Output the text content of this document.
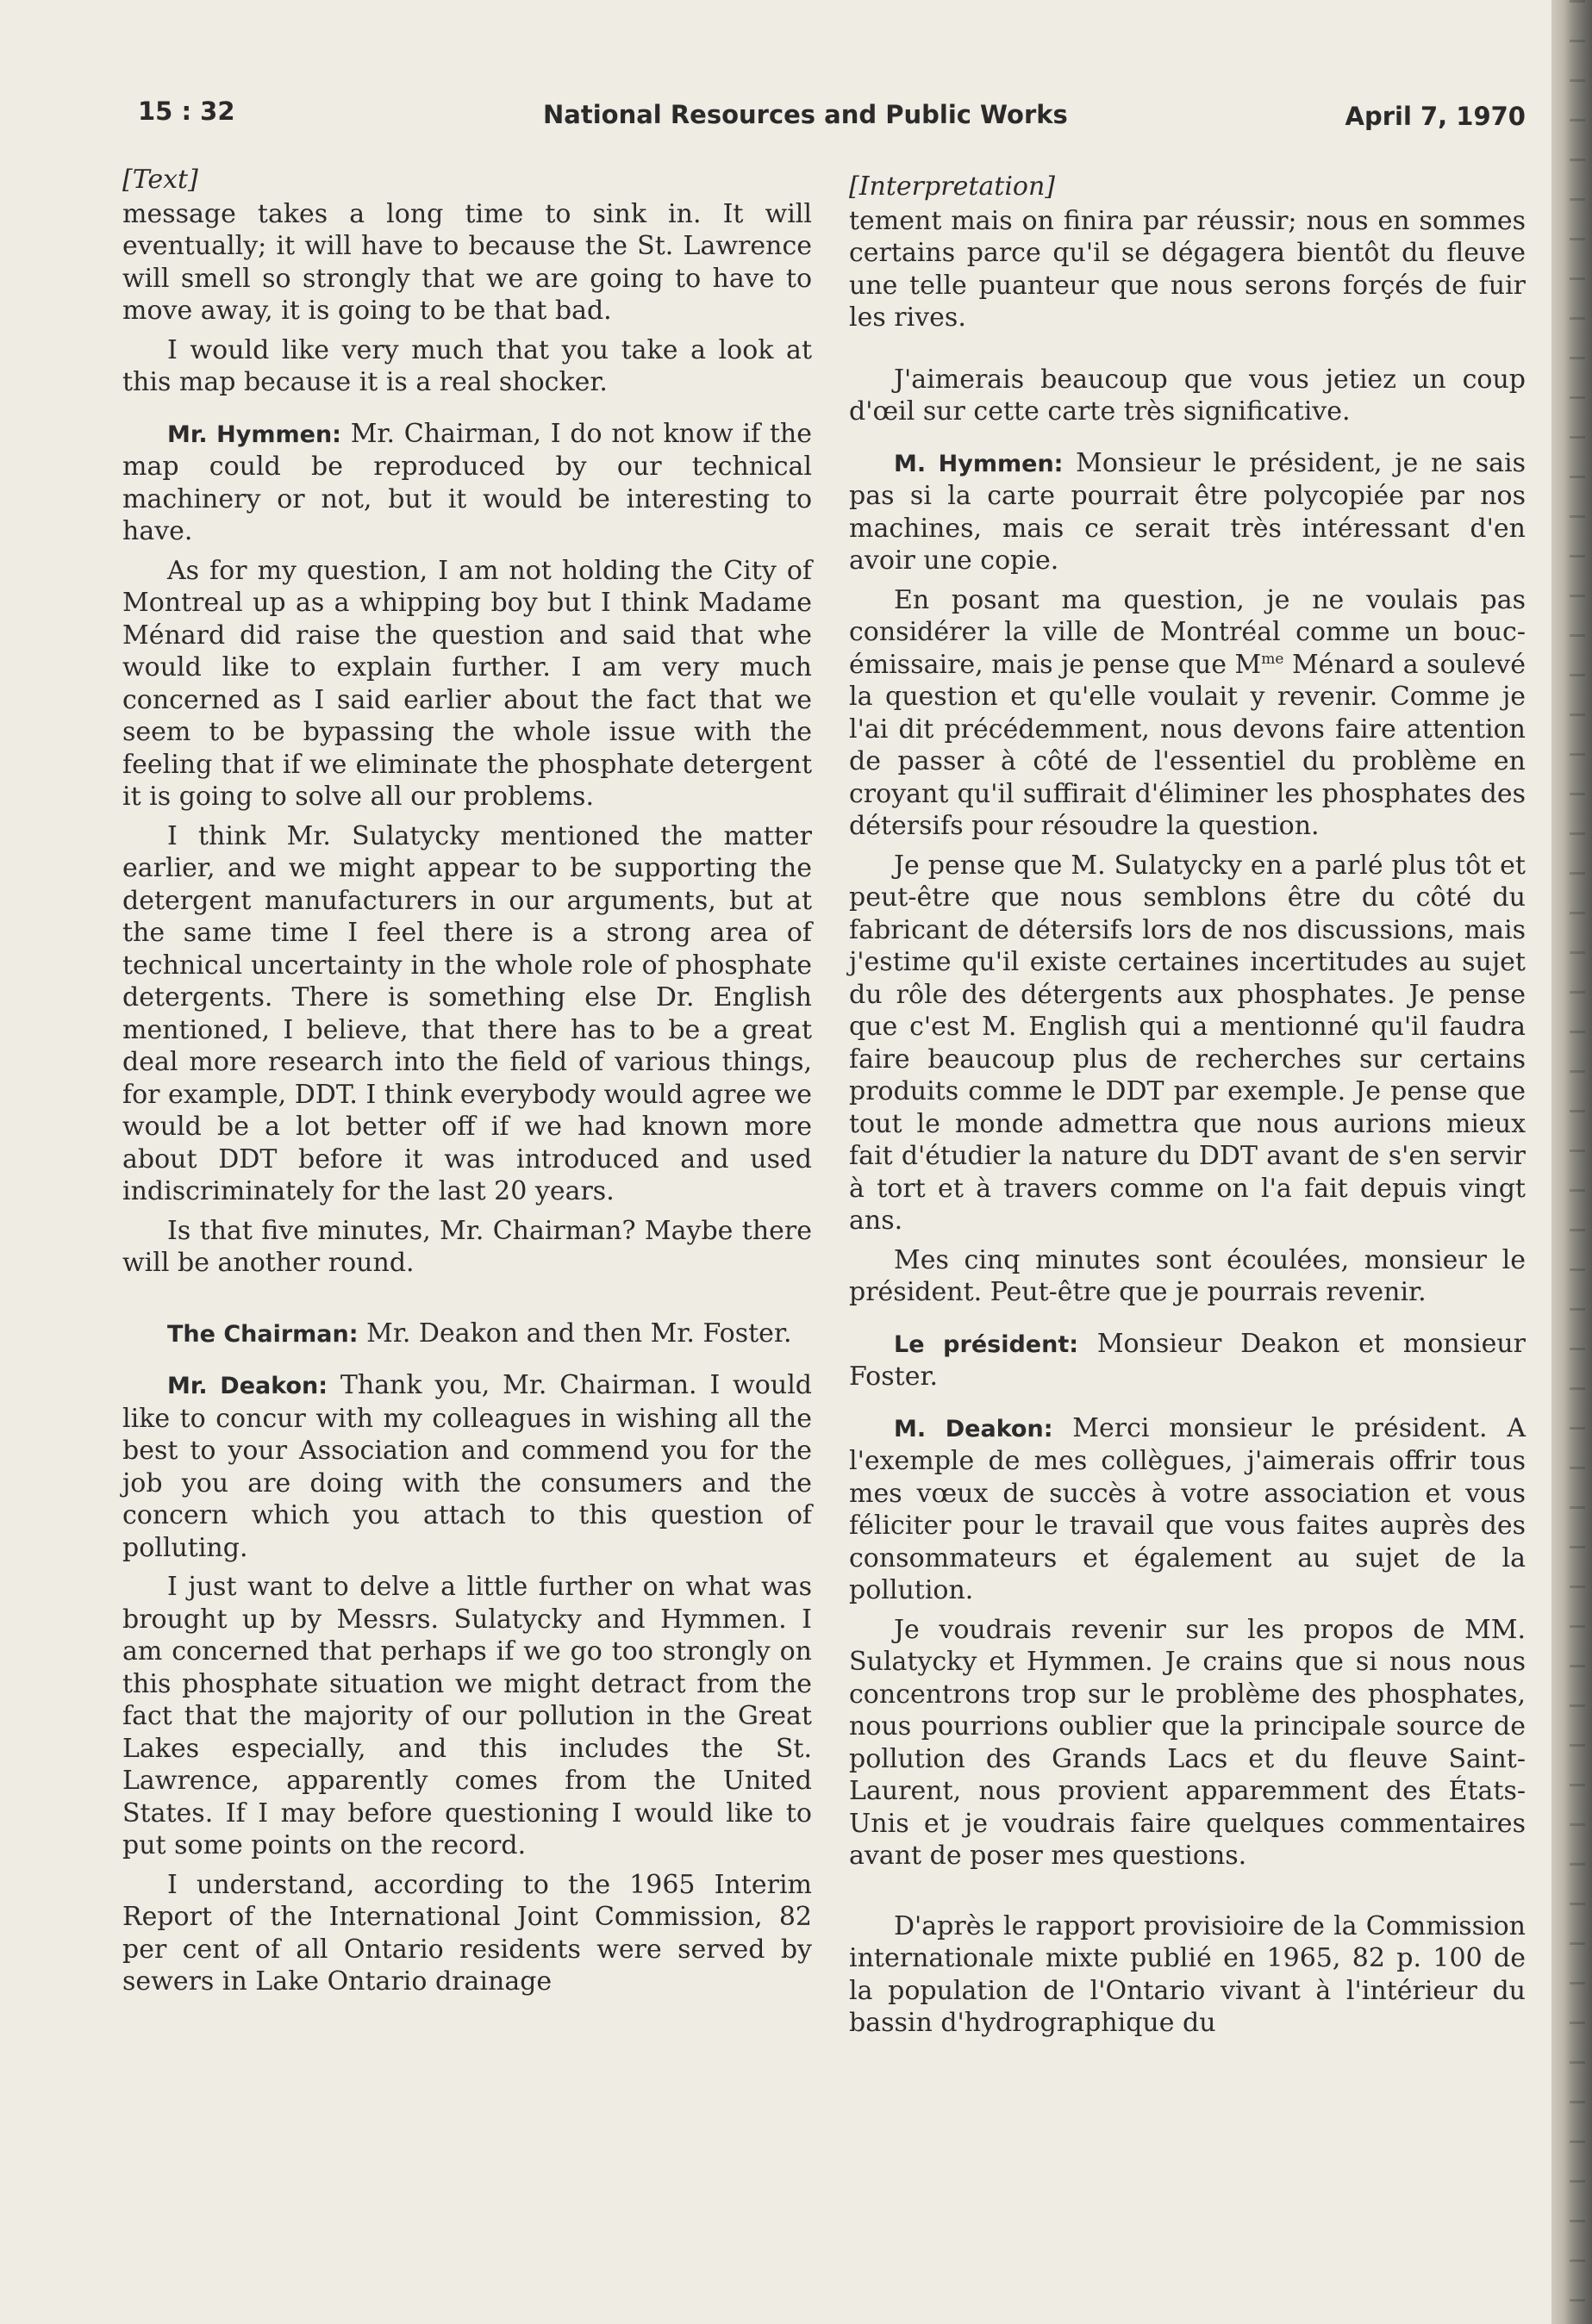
15 : 32	National Resources and Public Works	April 7, 1970
[Text]

message takes a long time to sink in. It will eventually; it will have to because the St. Lawrence will smell so strongly that we are going to have to move away, it is going to be that bad.

I would like very much that you take a look at this map because it is a real shocker.

Mr. Hymmen: Mr. Chairman, I do not know if the map could be reproduced by our technical machinery or not, but it would be interesting to have.

As for my question, I am not holding the City of Montreal up as a whipping boy but I think Madame Ménard did raise the question and said that whe would like to explain further. I am very much concerned as I said earlier about the fact that we seem to be bypassing the whole issue with the feeling that if we eliminate the phosphate detergent it is going to solve all our problems.

I think Mr. Sulatycky mentioned the matter earlier, and we might appear to be supporting the detergent manufacturers in our arguments, but at the same time I feel there is a strong area of technical uncertainty in the whole role of phosphate detergents. There is something else Dr. English mentioned, I believe, that there has to be a great deal more research into the field of various things, for example, DDT. I think everybody would agree we would be a lot better off if we had known more about DDT before it was introduced and used indiscriminately for the last 20 years.

Is that five minutes, Mr. Chairman? Maybe there will be another round.

The Chairman: Mr. Deakon and then Mr. Foster.

Mr. Deakon: Thank you, Mr. Chairman. I would like to concur with my colleagues in wishing all the best to your Association and commend you for the job you are doing with the consumers and the concern which you attach to this question of polluting.

I just want to delve a little further on what was brought up by Messrs. Sulatycky and Hymmen. I am concerned that perhaps if we go too strongly on this phosphate situation we might detract from the fact that the majority of our pollution in the Great Lakes especially, and this includes the St. Lawrence, apparently comes from the United States. If I may before questioning I would like to put some points on the record.

I understand, according to the 1965 Interim Report of the International Joint Commission, 82 per cent of all Ontario residents were served by sewers in Lake Ontario drainage

[Interpretation]

tement mais on finira par réussir; nous en sommes certains parce qu'il se dégagera bientôt du fleuve une telle puanteur que nous serons forçés de fuir les rives.

J'aimerais beaucoup que vous jetiez un coup d'œil sur cette carte très significative.

M. Hymmen: Monsieur le président, je ne sais pas si la carte pourrait être polycopiée par nos machines, mais ce serait très intéressant d'en avoir une copie.

En posant ma question, je ne voulais pas considérer la ville de Montréal comme un bouc-émissaire, mais je pense que $M^{me}$ Ménard a soulevé la question et qu'elle voulait y revenir. Comme je l'ai dit précédemment, nous devons faire attention de passer à côté de l'essentiel du problème en croyant qu'il suffirait d'éliminer les phosphates des détersifs pour résoudre la question.

Je pense que M. Sulatycky en a parlé plus tôt et peut-être que nous semblons être du côté du fabricant de détersifs lors de nos discussions, mais j'estime qu'il existe certaines incertitudes au sujet du rôle des détergents aux phosphates. Je pense que c'est M. English qui a mentionné qu'il faudra faire beaucoup plus de recherches sur certains produits comme le DDT par exemple. Je pense que tout le monde admettra que nous aurions mieux fait d'étudier la nature du DDT avant de s'en servir à tort et à travers comme on l'a fait depuis vingt ans.

Mes cinq minutes sont écoulées, monsieur le président. Peut-être que je pourrais revenir.

Le président: Monsieur Deakon et monsieur Foster.

M. Deakon: Merci monsieur le président. A l'exemple de mes collègues, j'aimerais offrir tous mes vœux de succès à votre association et vous féliciter pour le travail que vous faites auprès des consommateurs et également au sujet de la pollution.

Je voudrais revenir sur les propos de MM. Sulatycky et Hymmen. Je crains que si nous nous concentrons trop sur le problème des phosphates, nous pourrions oublier que la principale source de pollution des Grands Lacs et du fleuve Saint-Laurent, nous provient apparemment des États-Unis et je voudrais faire quelques commentaires avant de poser mes questions.

D'après le rapport provisioire de la Commission internationale mixte publié en 1965, 82 p. 100 de la population de l'Ontario vivant à l'intérieur du bassin d'hydrographique du
